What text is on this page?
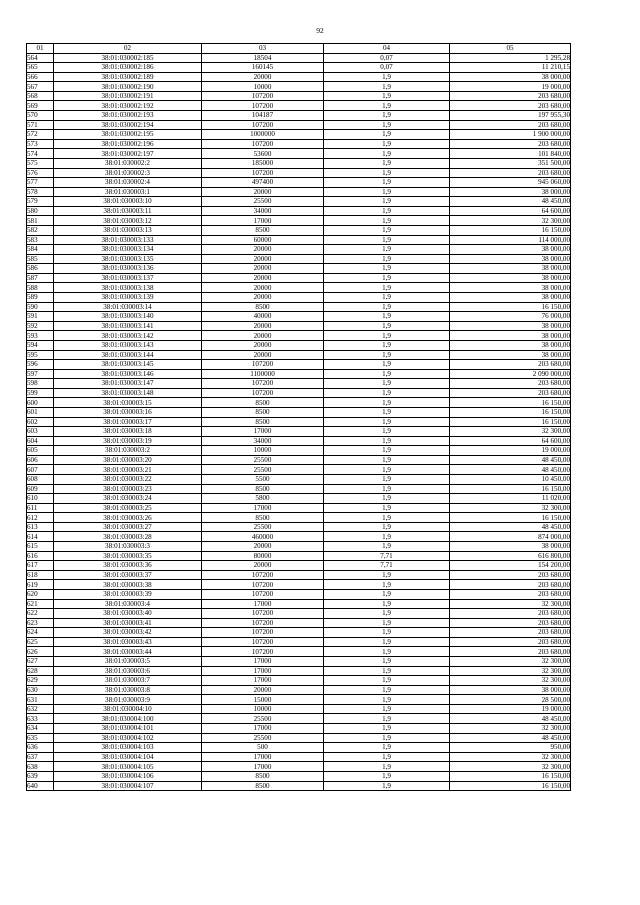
92
01	02	03	04	05
564	38:01:030002:185	18504	0,07	1 295,28
565	38:01:030002:186	160145	0,07	11 210,15
566	38:01:030002:189	20000	1,9	38 000,00
567	38:01:030002:190	10000	1,9	19 000,00
568	38:01:030002:191	107200	1,9	203 680,00
569	38:01:030002:192	107200	1,9	203 680,00
570	38:01:030002:193	104187	1,9	197 955,30
571	38:01:030002:194	107200	1,9	203 680,00
572	38:01:030002:195	1000000	1,9	1 900 000,00
573	38:01:030002:196	107200	1,9	203 680,00
574	38:01:030002:197	53600	1,9	101 840,00
575	38:01:030002:2	185000	1,9	351 500,00
576	38:01:030002:3	107200	1,9	203 680,00
577	38:01:030002:4	497400	1,9	945 060,00
578	38:01:030003:1	20000	1,9	38 000,00
579	38:01:030003:10	25500	1,9	48 450,00
580	38:01:030003:11	34000	1,9	64 600,00
581	38:01:030003:12	17000	1,9	32 300,00
582	38:01:030003:13	8500	1,9	16 150,00
583	38:01:030003:133	60000	1,9	114 000,00
584	38:01:030003:134	20000	1,9	38 000,00
585	38:01:030003:135	20000	1,9	38 000,00
586	38:01:030003:136	20000	1,9	38 000,00
587	38:01:030003:137	20000	1,9	38 000,00
588	38:01:030003:138	20000	1,9	38 000,00
589	38:01:030003:139	20000	1,9	38 000,00
590	38:01:030003:14	8500	1,9	16 150,00
591	38:01:030003:140	40000	1,9	76 000,00
592	38:01:030003:141	20000	1,9	38 000,00
593	38:01:030003:142	20000	1,9	38 000,00
594	38:01:030003:143	20000	1,9	38 000,00
595	38:01:030003:144	20000	1,9	38 000,00
596	38:01:030003:145	107200	1,9	203 680,00
597	38:01:030003:146	1100000	1,9	2 090 000,00
598	38:01:030003:147	107200	1,9	203 680,00
599	38:01:030003:148	107200	1,9	203 680,00
600	38:01:030003:15	8500	1,9	16 150,00
601	38:01:030003:16	8500	1,9	16 150,00
602	38:01:030003:17	8500	1,9	16 150,00
603	38:01:030003:18	17000	1,9	32 300,00
604	38:01:030003:19	34000	1,9	64 600,00
605	38:01:030003:2	10000	1,9	19 000,00
606	38:01:030003:20	25500	1,9	48 450,00
607	38:01:030003:21	25500	1,9	48 450,00
608	38:01:030003:22	5500	1,9	10 450,00
609	38:01:030003:23	8500	1,9	16 150,00
610	38:01:030003:24	5800	1,9	11 020,00
611	38:01:030003:25	17000	1,9	32 300,00
612	38:01:030003:26	8500	1,9	16 150,00
613	38:01:030003:27	25500	1,9	48 450,00
614	38:01:030003:28	460000	1,9	874 000,00
615	38:01:030003:3	20000	1,9	38 000,00
616	38:01:030003:35	80000	7,71	616 800,00
617	38:01:030003:36	20000	7,71	154 200,00
618	38:01:030003:37	107200	1,9	203 680,00
619	38:01:030003:38	107200	1,9	203 680,00
620	38:01:030003:39	107200	1,9	203 680,00
621	38:01:030003:4	17000	1,9	32 300,00
622	38:01:030003:40	107200	1,9	203 680,00
623	38:01:030003:41	107200	1,9	203 680,00
624	38:01:030003:42	107200	1,9	203 680,00
625	38:01:030003:43	107200	1,9	203 680,00
626	38:01:030003:44	107200	1,9	203 680,00
627	38:01:030003:5	17000	1,9	32 300,00
628	38:01:030003:6	17000	1,9	32 300,00
629	38:01:030003:7	17000	1,9	32 300,00
630	38:01:030003:8	20000	1,9	38 000,00
631	38:01:030003:9	15000	1,9	28 500,00
632	38:01:030004:10	10000	1,9	19 000,00
633	38:01:030004:100	25500	1,9	48 450,00
634	38:01:030004:101	17000	1,9	32 300,00
635	38:01:030004:102	25500	1,9	48 450,00
636	38:01:030004:103	500	1,9	950,00
637	38:01:030004:104	17000	1,9	32 300,00
638	38:01:030004:105	17000	1,9	32 300,00
639	38:01:030004:106	8500	1,9	16 150,00
640	38:01:030004:107	8500	1,9	16 150,00
